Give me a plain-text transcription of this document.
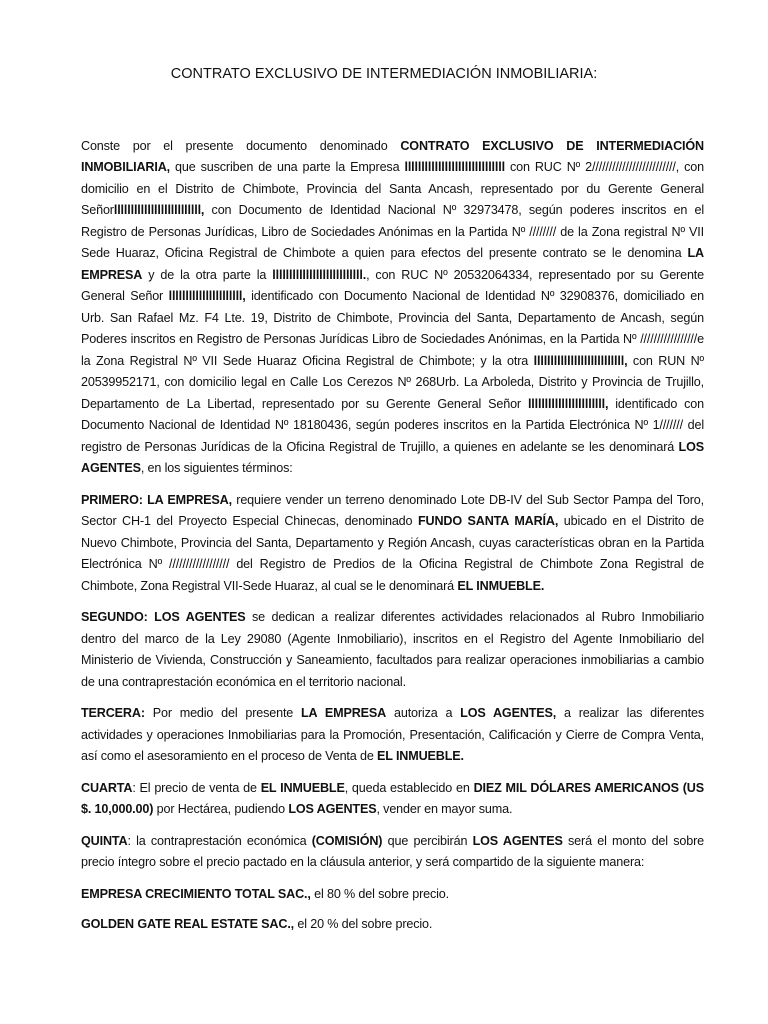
CONTRATO EXCLUSIVO DE INTERMEDIACIÓN INMOBILIARIA:

Conste por el presente documento denominado CONTRATO EXCLUSIVO DE INTERMEDIACIÓN INMOBILIARIA, que suscriben de una parte la Empresa llllllllllllllllllllllllllllll con RUC Nº 2/////////////////////////, con domicilio en el Distrito de Chimbote, Provincia del Santa Ancash, representado por du Gerente General Señorllllllllllllllllllllllllll, con Documento de Identidad Nacional Nº 32973478, según poderes inscritos en el Registro de Personas Jurídicas, Libro de Sociedades Anónimas en la Partida Nº //////// de la Zona registral Nº VII Sede Huaraz, Oficina Registral de Chimbote a quien para efectos del presente contrato se le denomina LA EMPRESA y de la otra parte la lllllllllllllllllllllllllll., con RUC Nº 20532064334, representado por su Gerente General Señor llllllllllllllllllllll, identificado con Documento Nacional de Identidad Nº 32908376, domiciliado en Urb. San Rafael Mz. F4 Lte. 19, Distrito de Chimbote, Provincia del Santa, Departamento de Ancash, según Poderes inscritos en Registro de Personas Jurídicas Libro de Sociedades Anónimas, en la Partida Nº /////////////////e la Zona Registral Nº VII Sede Huaraz Oficina Registral de Chimbote; y la otra lllllllllllllllllllllllllll, con RUN Nº 20539952171, con domicilio legal en Calle Los Cerezos Nº 268Urb. La Arboleda, Distrito y Provincia de Trujillo, Departamento de La Libertad, representado por su Gerente General Señor lllllllllllllllllllllll, identificado con Documento Nacional de Identidad Nº 18180436, según poderes inscritos en la Partida Electrónica Nº 1/////// del registro de Personas Jurídicas de la Oficina Registral de Trujillo, a quienes en adelante se les denominará LOS AGENTES, en los siguientes términos:

PRIMERO: LA EMPRESA, requiere vender un terreno denominado Lote DB-IV del Sub Sector Pampa del Toro, Sector CH-1 del Proyecto Especial Chinecas, denominado FUNDO SANTA MARÍA, ubicado en el Distrito de Nuevo Chimbote, Provincia del Santa, Departamento y Región Ancash, cuyas características obran en la Partida Electrónica Nº ////////////////// del Registro de Predios de la Oficina Registral de Chimbote Zona Registral de Chimbote, Zona Registral VII-Sede Huaraz, al cual se le denominará EL INMUEBLE.

SEGUNDO: LOS AGENTES se dedican a realizar diferentes actividades relacionados al Rubro Inmobiliario dentro del marco de la Ley 29080 (Agente Inmobiliario), inscritos en el Registro del Agente Inmobiliario del Ministerio de Vivienda, Construcción y Saneamiento, facultados para realizar operaciones inmobiliarias a cambio de una contraprestación económica en el territorio nacional.

TERCERA: Por medio del presente LA EMPRESA autoriza a LOS AGENTES, a realizar las diferentes actividades y operaciones Inmobiliarias para la Promoción, Presentación, Calificación y Cierre de Compra Venta, así como el asesoramiento en el proceso de Venta de EL INMUEBLE.

CUARTA: El precio de venta de EL INMUEBLE, queda establecido en DIEZ MIL DÓLARES AMERICANOS (US $. 10,000.00) por Hectárea, pudiendo LOS AGENTES, vender en mayor suma.

QUINTA: la contraprestación económica (COMISIÓN) que percibirán LOS AGENTES será el monto del sobre precio íntegro sobre el precio pactado en la cláusula anterior, y será compartido de la siguiente manera:

EMPRESA CRECIMIENTO TOTAL SAC., el 80 % del sobre precio.

GOLDEN GATE REAL ESTATE SAC., el 20 % del sobre precio.
